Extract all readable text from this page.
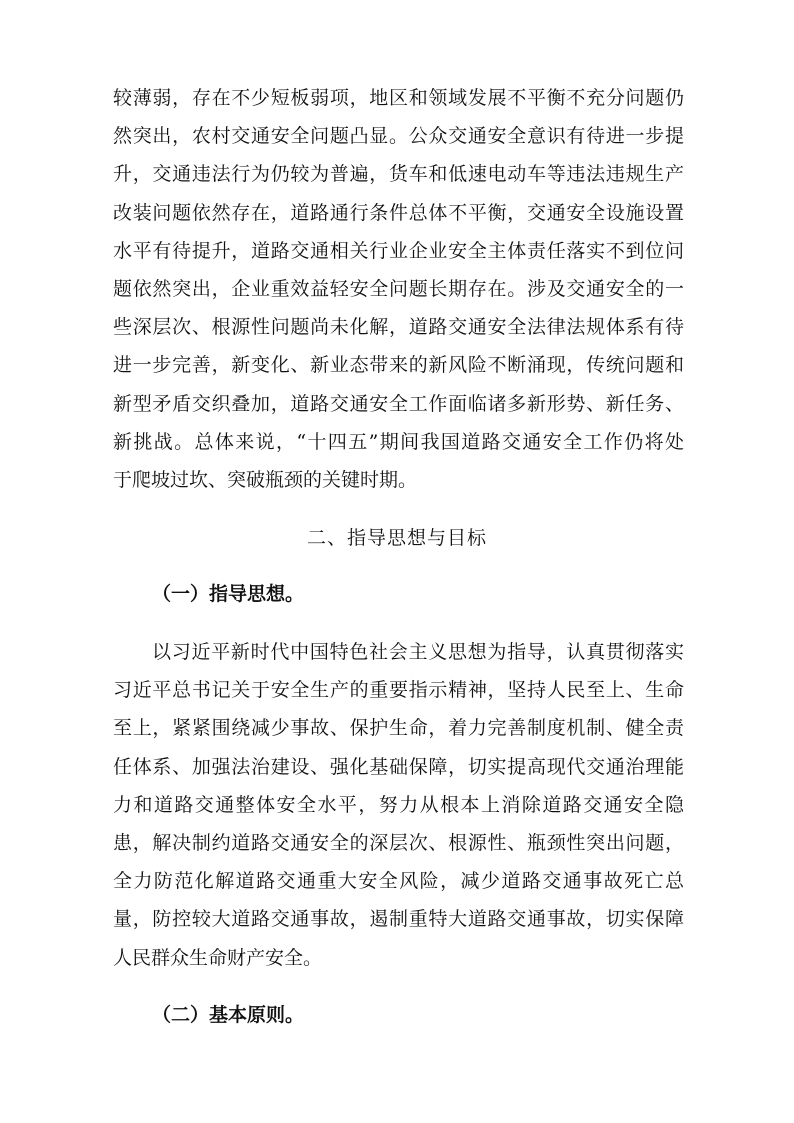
较薄弱，存在不少短板弱项，地区和领域发展不平衡不充分问题仍
然突出，农村交通安全问题凸显。公众交通安全意识有待进一步提
升，交通违法行为仍较为普遍，货车和低速电动车等违法违规生产
改装问题依然存在，道路通行条件总体不平衡，交通安全设施设置
水平有待提升，道路交通相关行业企业安全主体责任落实不到位问
题依然突出，企业重效益轻安全问题长期存在。涉及交通安全的一
些深层次、根源性问题尚未化解，道路交通安全法律法规体系有待
进一步完善，新变化、新业态带来的新风险不断涌现，传统问题和
新型矛盾交织叠加，道路交通安全工作面临诸多新形势、新任务、
新挑战。总体来说，“十四五”期间我国道路交通安全工作仍将处
于爬坡过坎、突破瓶颈的关键时期。
二、指导思想与目标
（一）指导思想。
以习近平新时代中国特色社会主义思想为指导，认真贯彻落实
习近平总书记关于安全生产的重要指示精神，坚持人民至上、生命
至上，紧紧围绕减少事故、保护生命，着力完善制度机制、健全责
任体系、加强法治建设、强化基础保障，切实提高现代交通治理能
力和道路交通整体安全水平，努力从根本上消除道路交通安全隐
患，解决制约道路交通安全的深层次、根源性、瓶颈性突出问题，
全力防范化解道路交通重大安全风险，减少道路交通事故死亡总
量，防控较大道路交通事故，遏制重特大道路交通事故，切实保障
人民群众生命财产安全。
（二）基本原则。
